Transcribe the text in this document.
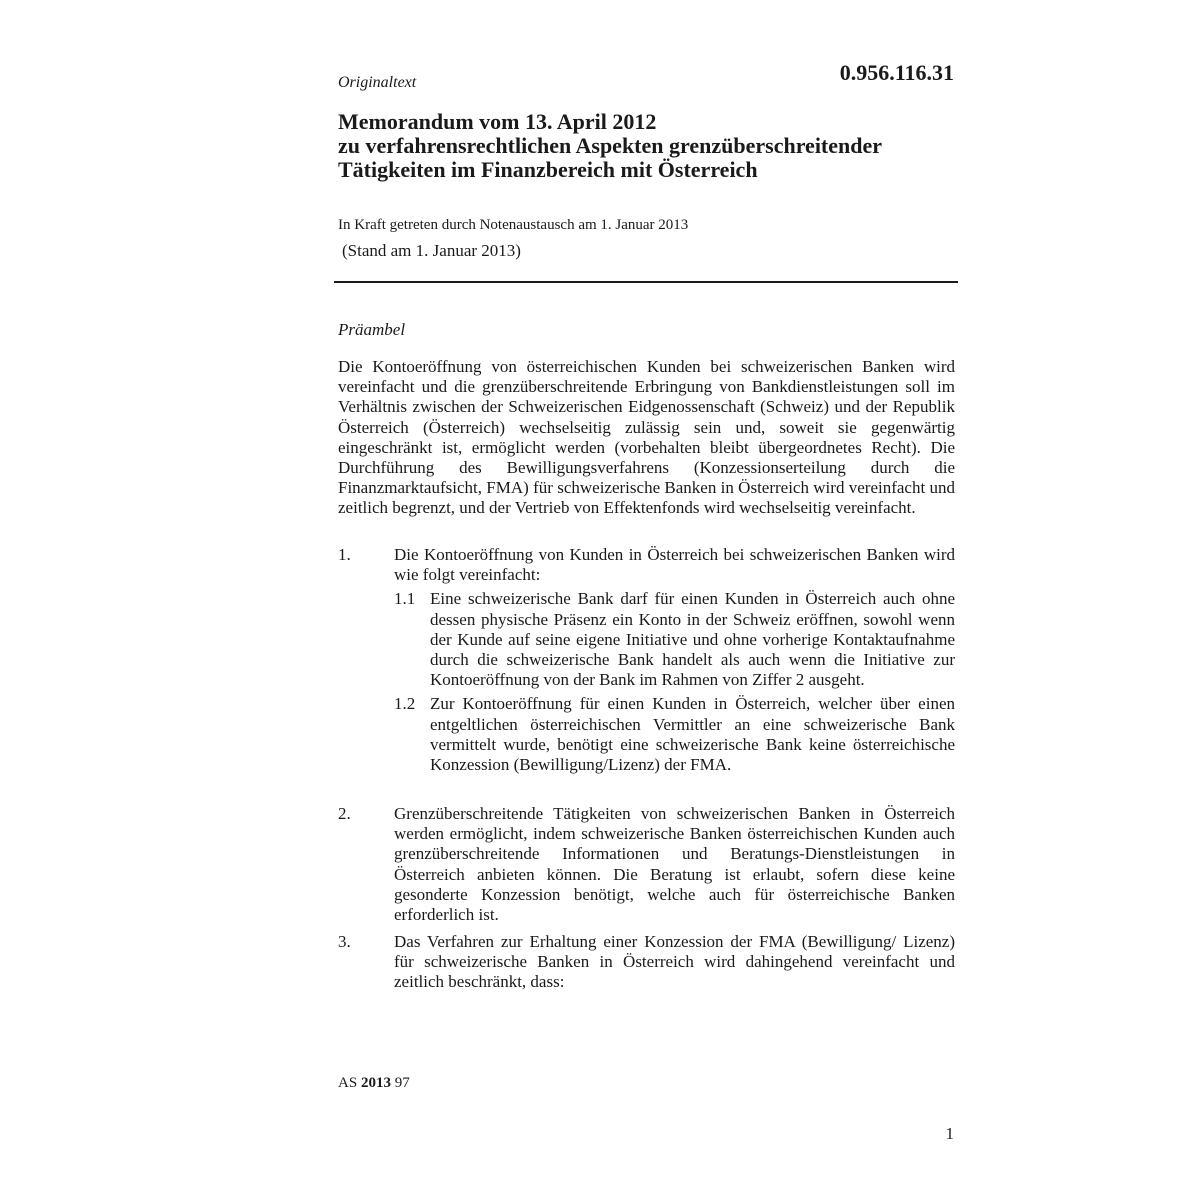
Originaltext	0.956.116.31
Memorandum vom 13. April 2012
zu verfahrensrechtlichen Aspekten grenzüberschreitender
Tätigkeiten im Finanzbereich mit Österreich
In Kraft getreten durch Notenaustausch am 1. Januar 2013
(Stand am 1. Januar 2013)
Präambel
Die Kontoeröffnung von österreichischen Kunden bei schweizerischen Banken wird vereinfacht und die grenzüberschreitende Erbringung von Bankdienstleistungen soll im Verhältnis zwischen der Schweizerischen Eidgenossenschaft (Schweiz) und der Republik Österreich (Österreich) wechselseitig zulässig sein und, soweit sie gegenwärtig eingeschränkt ist, ermöglicht werden (vorbehalten bleibt übergeordnetes Recht). Die Durchführung des Bewilligungsverfahrens (Konzessionserteilung durch die Finanzmarktaufsicht, FMA) für schweizerische Banken in Österreich wird vereinfacht und zeitlich begrenzt, und der Vertrieb von Effektenfonds wird wechselseitig vereinfacht.
1.	Die Kontoeröffnung von Kunden in Österreich bei schweizerischen Banken wird wie folgt vereinfacht:
1.1 Eine schweizerische Bank darf für einen Kunden in Österreich auch ohne dessen physische Präsenz ein Konto in der Schweiz eröffnen, sowohl wenn der Kunde auf seine eigene Initiative und ohne vorherige Kontaktaufnahme durch die schweizerische Bank handelt als auch wenn die Initiative zur Kontoeröffnung von der Bank im Rahmen von Ziffer 2 ausgeht.
1.2 Zur Kontoeröffnung für einen Kunden in Österreich, welcher über einen entgeltlichen österreichischen Vermittler an eine schweizerische Bank vermittelt wurde, benötigt eine schweizerische Bank keine österreichische Konzession (Bewilligung/Lizenz) der FMA.
2.	Grenzüberschreitende Tätigkeiten von schweizerischen Banken in Österreich werden ermöglicht, indem schweizerische Banken österreichischen Kunden auch grenzüberschreitende Informationen und Beratungs-Dienstleistungen in Österreich anbieten können. Die Beratung ist erlaubt, sofern diese keine gesonderte Konzession benötigt, welche auch für österreichische Banken erforderlich ist.
3.	Das Verfahren zur Erhaltung einer Konzession der FMA (Bewilligung/ Lizenz) für schweizerische Banken in Österreich wird dahingehend vereinfacht und zeitlich beschränkt, dass:
AS 2013 97
1
